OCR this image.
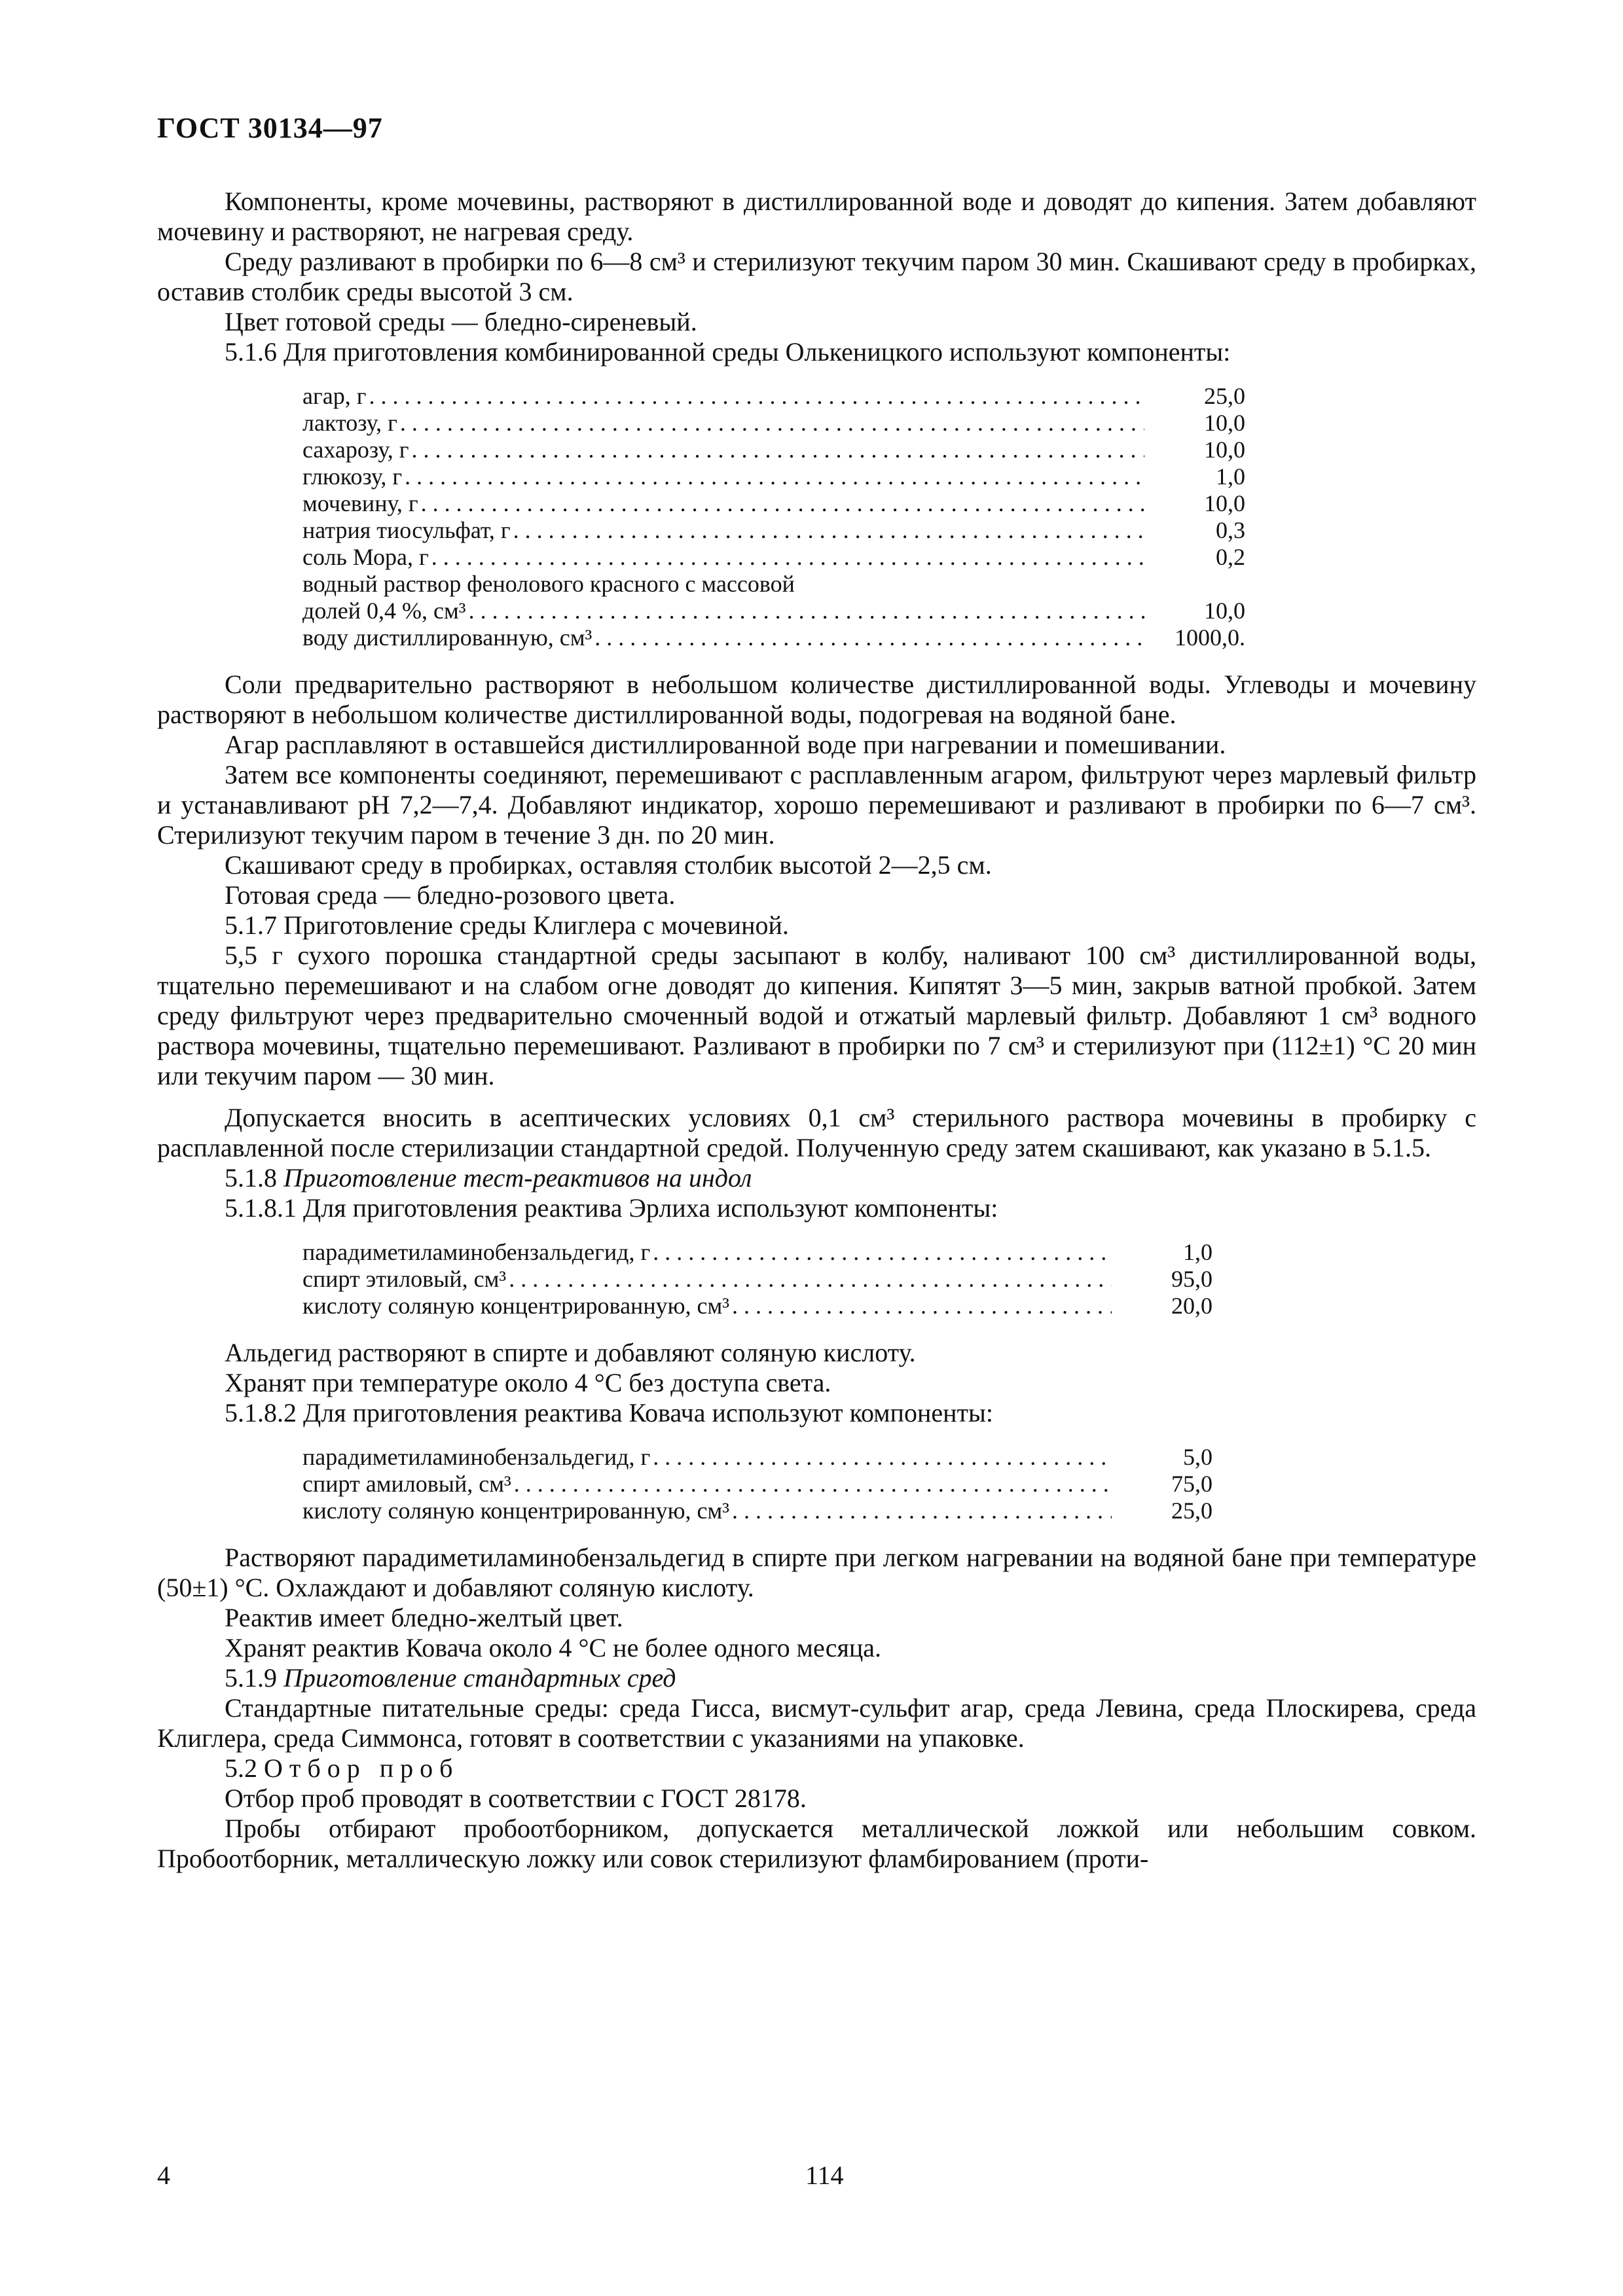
ГОСТ 30134—97

Компоненты, кроме мочевины, растворяют в дистиллированной воде и доводят до кипения. Затем добавляют мочевину и растворяют, не нагревая среду.

Среду разливают в пробирки по 6—8 см³ и стерилизуют текучим паром 30 мин. Скашивают среду в пробирках, оставив столбик среды высотой 3 см.

Цвет готовой среды — бледно-сиреневый.

5.1.6 Для приготовления комбинированной среды Олькеницкого используют компоненты:

агар, г . . .	25,0
лактозу, г . . .	10,0
сахарозу, г . . .	10,0
глюкозу, г . . .	1,0
мочевину, г . . .	10,0
натрия тиосульфат, г . . .	0,3
соль Мора, г . . .	0,2
водный раствор фенолового красного с массовой
долей 0,4 %, см³ . . .	10,0
воду дистиллированную, см³ . . .	1000,0.

Соли предварительно растворяют в небольшом количестве дистиллированной воды. Углеводы и мочевину растворяют в небольшом количестве дистиллированной воды, подогревая на водяной бане.

Агар расплавляют в оставшейся дистиллированной воде при нагревании и помешивании.

Затем все компоненты соединяют, перемешивают с расплавленным агаром, фильтруют через марлевый фильтр и устанавливают рН 7,2—7,4. Добавляют индикатор, хорошо перемешивают и разливают в пробирки по 6—7 см³. Стерилизуют текучим паром в течение 3 дн. по 20 мин.

Скашивают среду в пробирках, оставляя столбик высотой 2—2,5 см.

Готовая среда — бледно-розового цвета.

5.1.7 Приготовление среды Клиглера с мочевиной.

5,5 г сухого порошка стандартной среды засыпают в колбу, наливают 100 см³ дистиллированной воды, тщательно перемешивают и на слабом огне доводят до кипения. Кипятят 3—5 мин, закрыв ватной пробкой. Затем среду фильтруют через предварительно смоченный водой и отжатый марлевый фильтр. Добавляют 1 см³ водного раствора мочевины, тщательно перемешивают. Разливают в пробирки по 7 см³ и стерилизуют при (112±1) °С 20 мин или текучим паром — 30 мин.

Допускается вносить в асептических условиях 0,1 см³ стерильного раствора мочевины в пробирку с расплавленной после стерилизации стандартной средой. Полученную среду затем скашивают, как указано в 5.1.5.

5.1.8 Приготовление тест-реактивов на индол

5.1.8.1 Для приготовления реактива Эрлиха используют компоненты:

парадиметиламинобензальдегид, г . . .	1,0
спирт этиловый, см³ . . .	95,0
кислоту соляную концентрированную, см³ . . .	20,0

Альдегид растворяют в спирте и добавляют соляную кислоту.

Хранят при температуре около 4 °С без доступа света.

5.1.8.2 Для приготовления реактива Ковача используют компоненты:

парадиметиламинобензальдегид, г . . .	5,0
спирт амиловый, см³ . . .	75,0
кислоту соляную концентрированную, см³ . . .	25,0

Растворяют парадиметиламинобензальдегид в спирте при легком нагревании на водяной бане при температуре (50±1) °С. Охлаждают и добавляют соляную кислоту.

Реактив имеет бледно-желтый цвет.

Хранят реактив Ковача около 4 °С не более одного месяца.

5.1.9 Приготовление стандартных сред

Стандартные питательные среды: среда Гисса, висмут-сульфит агар, среда Левина, среда Плоскирева, среда Клиглера, среда Симмонса, готовят в соответствии с указаниями на упаковке.

5.2 Отбор проб

Отбор проб проводят в соответствии с ГОСТ 28178.

Пробы отбирают пробоотборником, допускается металлической ложкой или небольшим совком. Пробоотборник, металлическую ложку или совок стерилизуют фламбированием (проти-

4	114
